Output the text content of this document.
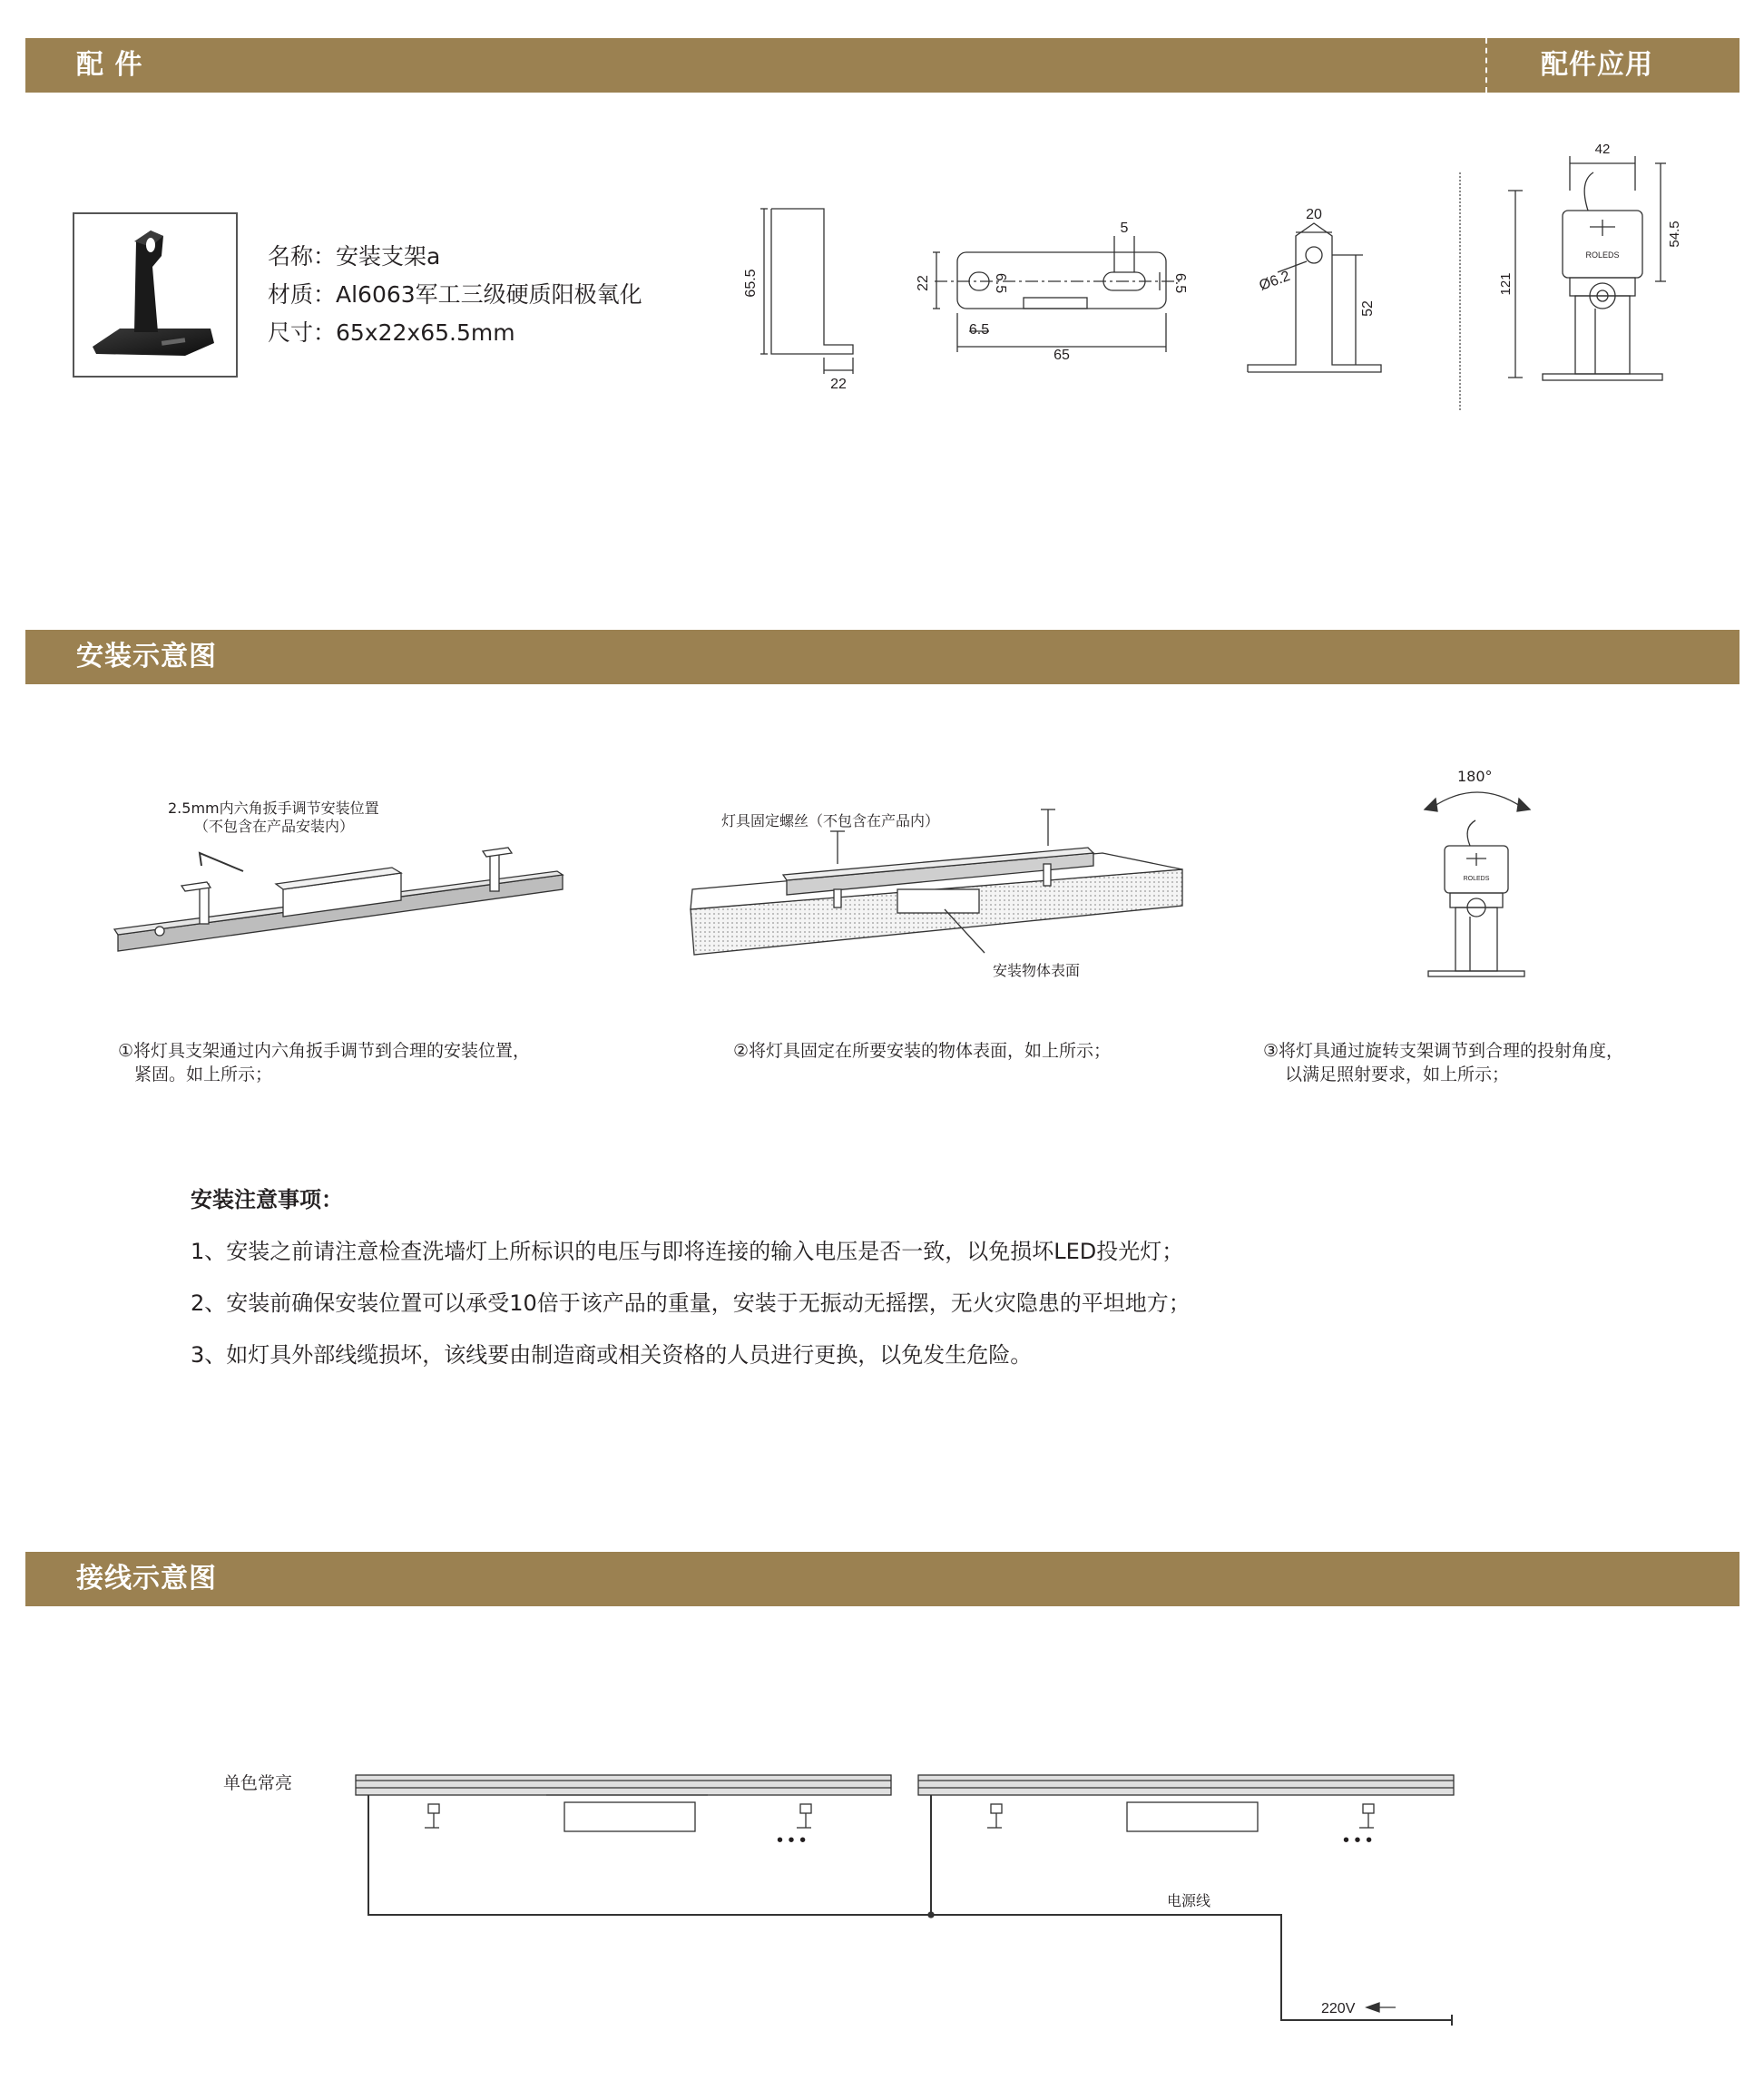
配 件	配件应用
名称：安装支架a
材质：Al6063军工三级硬质阳极氧化
尺寸：65x22x65.5mm
65.5
22
22
5
6.5	6.5
6.5
65
20
Ø6.2
52
42
121
54.5
ROLEDS
安装示意图
2.5mm内六角扳手调节安装位置
（不包含在产品安装内）
①将灯具支架通过内六角扳手调节到合理的安装位置，
紧固。如上所示；
灯具固定螺丝（不包含在产品内）
安装物体表面
②将灯具固定在所要安装的物体表面，如上所示；
180°
ROLEDS
③将灯具通过旋转支架调节到合理的投射角度，
以满足照射要求，如上所示；
安装注意事项：
1、安装之前请注意检查洗墙灯上所标识的电压与即将连接的输入电压是否一致，以免损坏LED投光灯；
2、安装前确保安装位置可以承受10倍于该产品的重量，安装于无振动无摇摆，无火灾隐患的平坦地方；
3、如灯具外部线缆损坏，该线要由制造商或相关资格的人员进行更换，以免发生危险。
接线示意图
单色常亮
• • •	• • •
电源线
220V
